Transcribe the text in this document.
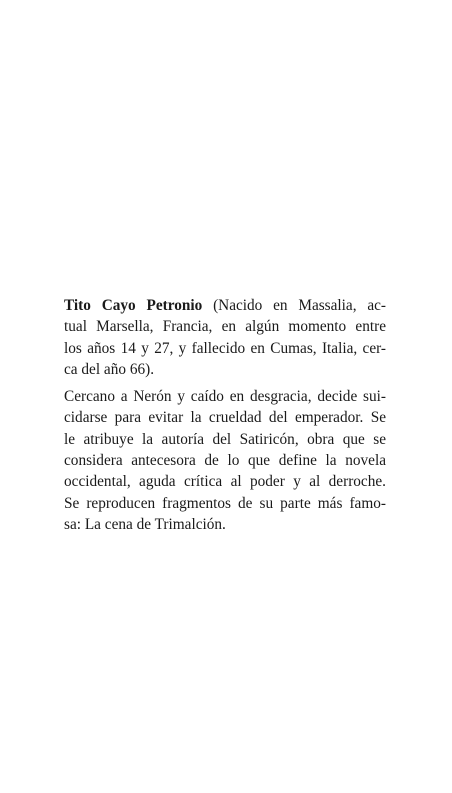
Tito Cayo Petronio (Nacido en Massalia, ac-
tual Marsella, Francia, en algún momento entre
los años 14 y 27, y fallecido en Cumas, Italia, cer-
ca del año 66).
Cercano a Nerón y caído en desgracia, decide sui-
cidarse para evitar la crueldad del emperador. Se
le atribuye la autoría del Satiricón, obra que se
considera antecesora de lo que define la novela
occidental, aguda crítica al poder y al derroche.
Se reproducen fragmentos de su parte más famo-
sa: La cena de Trimalción.
